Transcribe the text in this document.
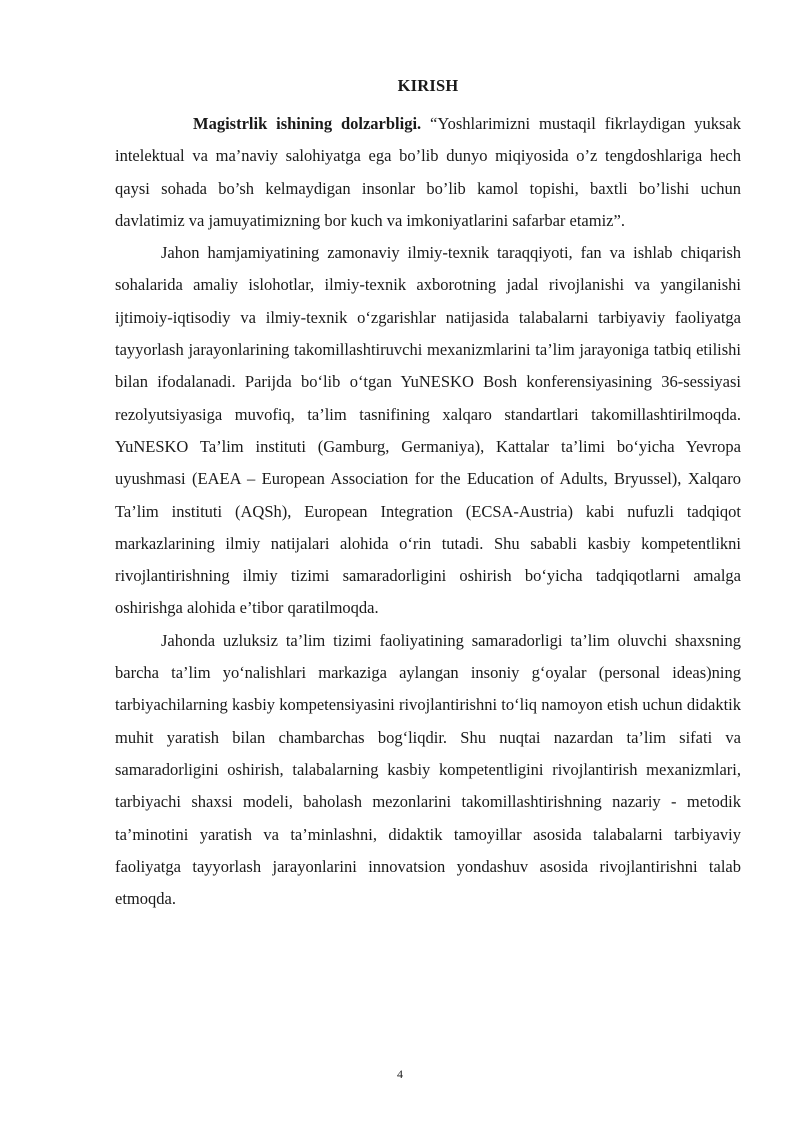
KIRISH

Magistrlik ishining dolzarbligi. “Yoshlarimizni mustaqil fikrlaydigan yuksak intelektual va ma’naviy salohiyatga ega bo’lib dunyo miqiyosida o’z tengdoshlariga hech qaysi sohada bo’sh kelmaydigan insonlar bo’lib kamol topishi, baxtli bo’lishi uchun davlatimiz va jamuyatimizning bor kuch va imkoniyatlarini safarbar etamiz”.

Jahon hamjamiyatining zamonaviy ilmiy-texnik taraqqiyoti, fan va ishlab chiqarish sohalarida amaliy islohotlar, ilmiy-texnik axborotning jadal rivojlanishi va yangilanishi ijtimoiy-iqtisodiy va ilmiy-texnik o‘zgarishlar natijasida talabalarni tarbiyaviy faoliyatga tayyorlash jarayonlarining takomillashtiruvchi mexanizmlarini ta’lim jarayoniga tatbiq etilishi bilan ifodalanadi. Parijda bo‘lib o‘tgan YuNESKO Bosh konferensiyasining 36-sessiyasi rezolyutsiyasiga muvofiq, ta’lim tasnifining xalqaro standartlari takomillashtirilmoqda. YuNESKO Ta’lim instituti (Gamburg, Germaniya), Kattalar ta’limi bo‘yicha Yevropa uyushmasi (EAEA – European Association for the Education of Adults, Bryussel), Xalqaro Ta’lim instituti (AQSh), European Integration (ECSA-Austria) kabi nufuzli tadqiqot markazlarining ilmiy natijalari alohida o‘rin tutadi. Shu sababli kasbiy kompetentlikni rivojlantirishning ilmiy tizimi samaradorligini oshirish bo‘yicha tadqiqotlarni amalga oshirishga alohida e’tibor qaratilmoqda.

Jahonda uzluksiz ta’lim tizimi faoliyatining samaradorligi ta’lim oluvchi shaxsning barcha ta’lim yo‘nalishlari markaziga aylangan insoniy g‘oyalar (personal ideas)ning tarbiyachilarning kasbiy kompetensiyasini rivojlantirishni to‘liq namoyon etish uchun didaktik muhit yaratish bilan chambarchas bog‘liqdir. Shu nuqtai nazardan ta’lim sifati va samaradorligini oshirish, talabalarning kasbiy kompetentligini rivojlantirish mexanizmlari, tarbiyachi shaxsi modeli, baholash mezonlarini takomillashtirishning nazariy - metodik ta’minotini yaratish va ta’minlashni, didaktik tamoyillar asosida talabalarni tarbiyaviy faoliyatga tayyorlash jarayonlarini innovatsion yondashuv asosida rivojlantirishni talab etmoqda.

4
